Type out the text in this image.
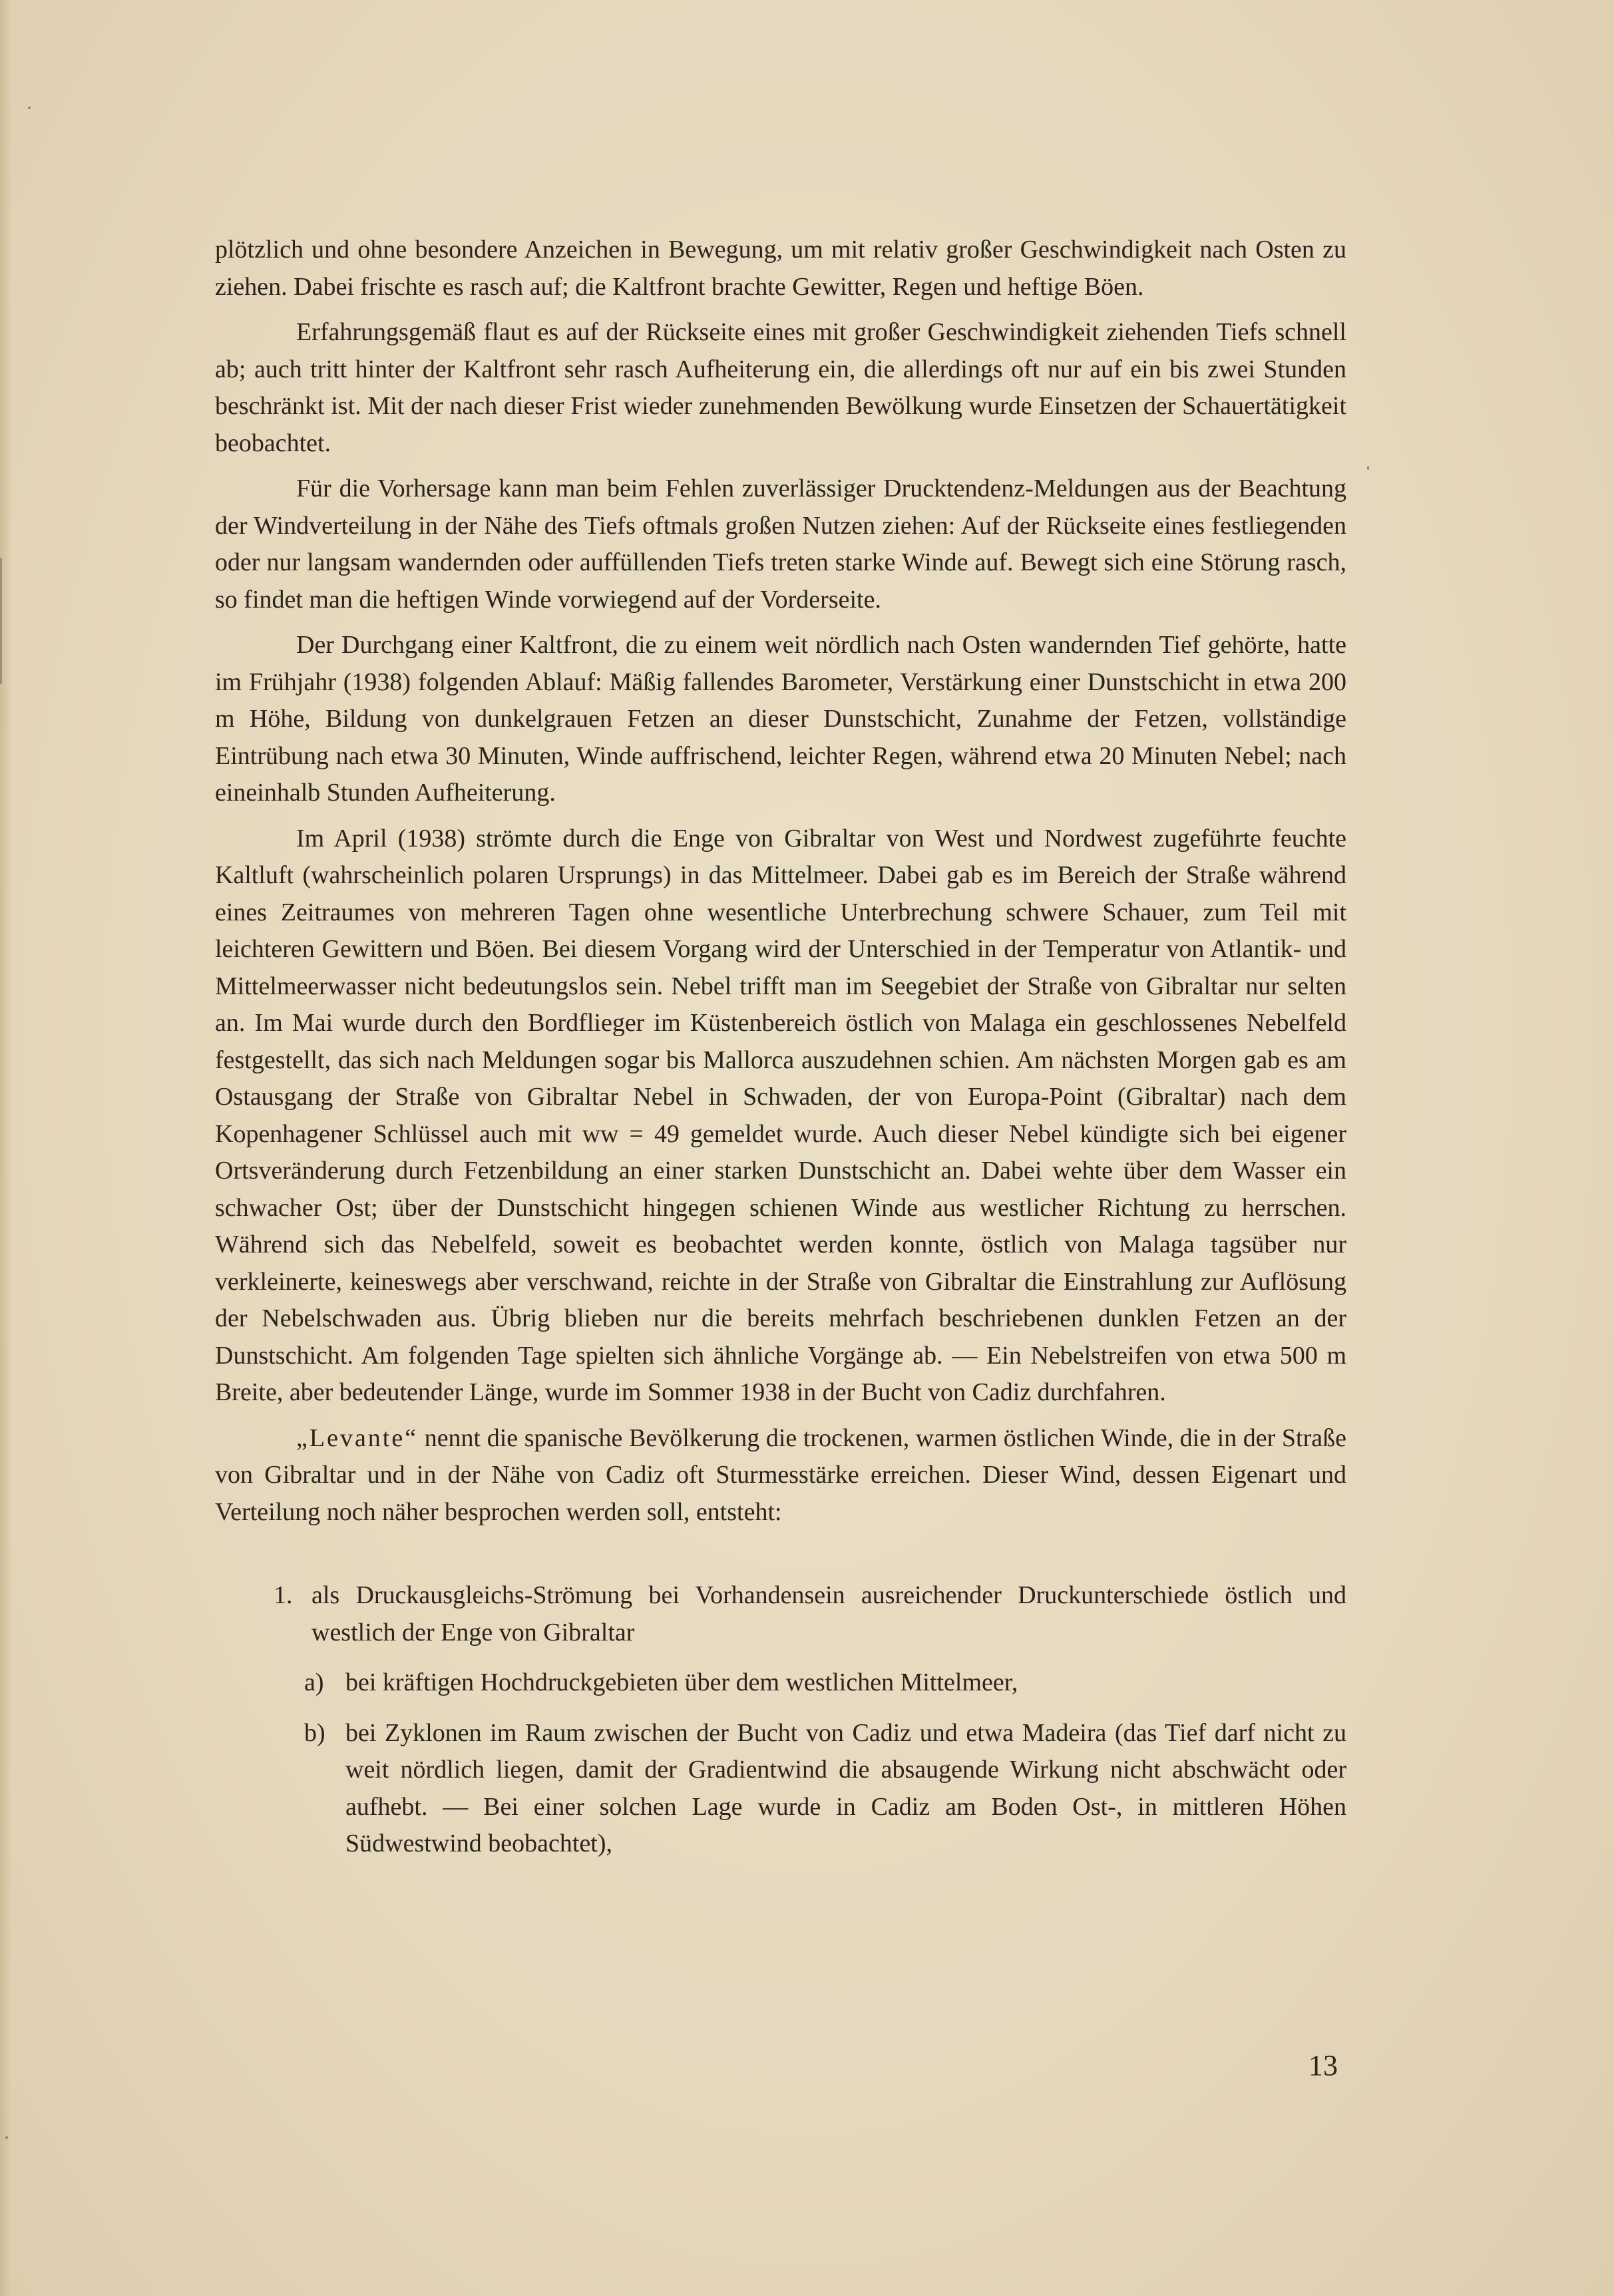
plötzlich und ohne besondere Anzeichen in Bewegung, um mit relativ großer Geschwindigkeit nach Osten zu ziehen. Dabei frischte es rasch auf; die Kaltfront brachte Gewitter, Regen und heftige Böen.

Erfahrungsgemäß flaut es auf der Rückseite eines mit großer Geschwindigkeit ziehenden Tiefs schnell ab; auch tritt hinter der Kaltfront sehr rasch Aufheiterung ein, die allerdings oft nur auf ein bis zwei Stunden beschränkt ist. Mit der nach dieser Frist wieder zunehmenden Bewölkung wurde Einsetzen der Schauertätigkeit beobachtet.

Für die Vorhersage kann man beim Fehlen zuverlässiger Drucktendenz-Meldungen aus der Beachtung der Windverteilung in der Nähe des Tiefs oftmals großen Nutzen ziehen: Auf der Rückseite eines festliegenden oder nur langsam wandernden oder auffüllenden Tiefs treten starke Winde auf. Bewegt sich eine Störung rasch, so findet man die heftigen Winde vorwiegend auf der Vorderseite.

Der Durchgang einer Kaltfront, die zu einem weit nördlich nach Osten wandernden Tief gehörte, hatte im Frühjahr (1938) folgenden Ablauf: Mäßig fallendes Barometer, Verstärkung einer Dunstschicht in etwa 200 m Höhe, Bildung von dunkelgrauen Fetzen an dieser Dunstschicht, Zunahme der Fetzen, vollständige Eintrübung nach etwa 30 Minuten, Winde auffrischend, leichter Regen, während etwa 20 Minuten Nebel; nach eineinhalb Stunden Aufheiterung.

Im April (1938) strömte durch die Enge von Gibraltar von West und Nordwest zugeführte feuchte Kaltluft (wahrscheinlich polaren Ursprungs) in das Mittelmeer. Dabei gab es im Bereich der Straße während eines Zeitraumes von mehreren Tagen ohne wesentliche Unterbrechung schwere Schauer, zum Teil mit leichteren Gewittern und Böen. Bei diesem Vorgang wird der Unterschied in der Temperatur von Atlantik- und Mittelmeerwasser nicht bedeutungslos sein. Nebel trifft man im Seegebiet der Straße von Gibraltar nur selten an. Im Mai wurde durch den Bordflieger im Küstenbereich östlich von Malaga ein geschlossenes Nebelfeld festgestellt, das sich nach Meldungen sogar bis Mallorca auszudehnen schien. Am nächsten Morgen gab es am Ostausgang der Straße von Gibraltar Nebel in Schwaden, der von Europa-Point (Gibraltar) nach dem Kopenhagener Schlüssel auch mit ww = 49 gemeldet wurde. Auch dieser Nebel kündigte sich bei eigener Ortsveränderung durch Fetzenbildung an einer starken Dunstschicht an. Dabei wehte über dem Wasser ein schwacher Ost; über der Dunstschicht hingegen schienen Winde aus westlicher Richtung zu herrschen. Während sich das Nebelfeld, soweit es beobachtet werden konnte, östlich von Malaga tagsüber nur verkleinerte, keineswegs aber verschwand, reichte in der Straße von Gibraltar die Einstrahlung zur Auflösung der Nebelschwaden aus. Übrig blieben nur die bereits mehrfach beschriebenen dunklen Fetzen an der Dunstschicht. Am folgenden Tage spielten sich ähnliche Vorgänge ab. — Ein Nebelstreifen von etwa 500 m Breite, aber bedeutender Länge, wurde im Sommer 1938 in der Bucht von Cadiz durchfahren.

„Levante“ nennt die spanische Bevölkerung die trockenen, warmen östlichen Winde, die in der Straße von Gibraltar und in der Nähe von Cadiz oft Sturmesstärke erreichen. Dieser Wind, dessen Eigenart und Verteilung noch näher besprochen werden soll, entsteht:

1. als Druckausgleichs-Strömung bei Vorhandensein ausreichender Druckunterschiede östlich und westlich der Enge von Gibraltar
a) bei kräftigen Hochdruckgebieten über dem westlichen Mittelmeer,
b) bei Zyklonen im Raum zwischen der Bucht von Cadiz und etwa Madeira (das Tief darf nicht zu weit nördlich liegen, damit der Gradientwind die absaugende Wirkung nicht abschwächt oder aufhebt. — Bei einer solchen Lage wurde in Cadiz am Boden Ost-, in mittleren Höhen Südwestwind beobachtet),
13
